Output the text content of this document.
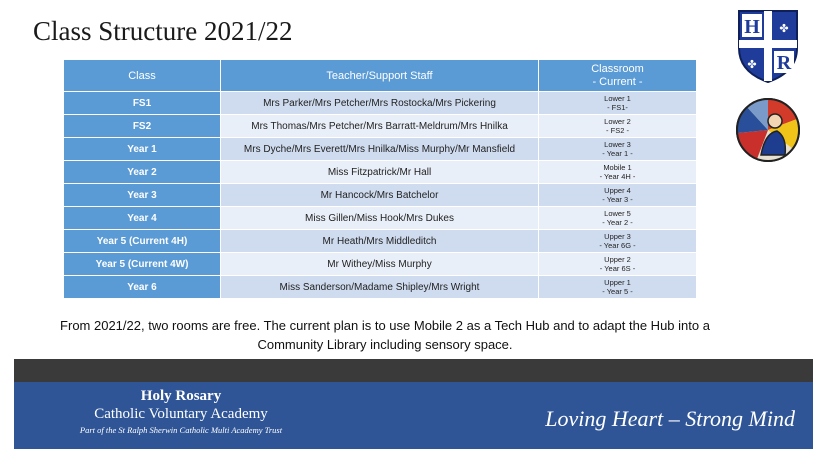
Class Structure 2021/22	H
R
✤
✤
Class	Teacher/Support Staff	Classroom
- Current -
FS1	Mrs Parker/Mrs Petcher/Mrs Rostocka/Mrs Pickering	Lower 1
- FS1-
FS2	Mrs Thomas/Mrs Petcher/Mrs Barratt-Meldrum/Mrs Hnilka	Lower 2
- FS2 -
Year 1	Mrs Dyche/Mrs Everett/Mrs Hnilka/Miss Murphy/Mr Mansfield	Lower 3
- Year 1 -
Year 2	Miss Fitzpatrick/Mr Hall	Mobile 1
- Year 4H -
Year 3	Mr Hancock/Mrs Batchelor	Upper 4
- Year 3 -
Year 4	Miss Gillen/Miss Hook/Mrs Dukes	Lower 5
- Year 2 -
Year 5 (Current 4H)	Mr Heath/Mrs Middleditch	Upper 3
- Year 6G -
Year 5 (Current 4W)	Mr Withey/Miss Murphy	Upper 2
- Year 6S -
Year 6	Miss Sanderson/Madame Shipley/Mrs Wright	Upper 1
- Year 5 -
From 2021/22, two rooms are free. The current plan is to use Mobile 2 as a Tech Hub and to adapt the Hub into a Community Library including sensory space.
Holy Rosary
Catholic Voluntary Academy
Part of the St Ralph Sherwin Catholic Multi Academy Trust	Loving Heart – Strong Mind
